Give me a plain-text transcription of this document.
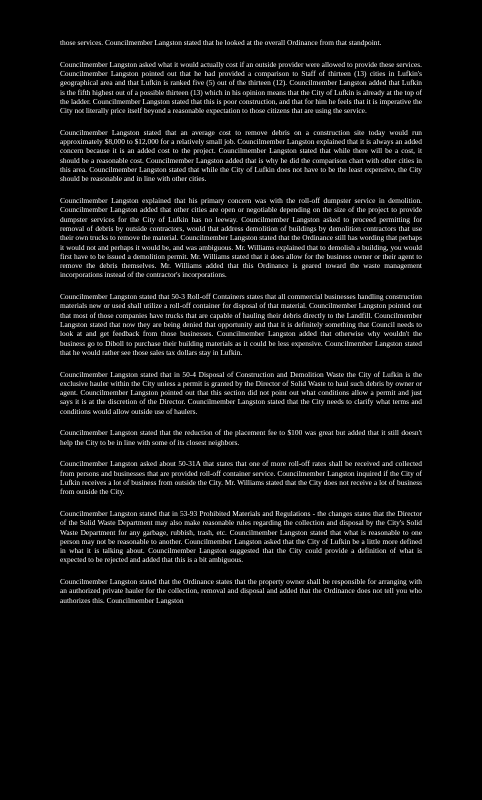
those services. Councilmember Langston stated that he looked at the overall Ordinance from that standpoint.

Councilmember Langston asked what it would actually cost if an outside provider were allowed to provide these services. Councilmember Langston pointed out that he had provided a comparison to Staff of thirteen (13) cities in Lufkin's geographical area and that Lufkin is ranked five (5) out of the thirteen (12). Councilmember Langston added that Lufkin is the fifth highest out of a possible thirteen (13) which in his opinion means that the City of Lufkin is already at the top of the ladder. Councilmember Langston stated that this is poor construction, and that for him he feels that it is imperative the City not literally price itself beyond a reasonable expectation to those citizens that are using the service.

Councilmember Langston stated that an average cost to remove debris on a construction site today would run approximately $8,000 to $12,000 for a relatively small job. Councilmember Langston explained that it is always an added concern because it is an added cost to the project. Councilmember Langston stated that while there will be a cost, it should be a reasonable cost. Councilmember Langston added that is why he did the comparison chart with other cities in this area. Councilmember Langston stated that while the City of Lufkin does not have to be the least expensive, the City should be reasonable and in line with other cities.

Councilmember Langston explained that his primary concern was with the roll-off dumpster service in demolition. Councilmember Langston added that other cities are open or negotiable depending on the size of the project to provide dumpster services for the City of Lufkin has no leeway. Councilmember Langston asked to proceed permitting for removal of debris by outside contractors, would that address demolition of buildings by demolition contractors that use their own trucks to remove the material. Councilmember Langston stated that the Ordinance still has wording that perhaps it would not and perhaps it would be, and was ambiguous. Mr. Williams explained that to demolish a building, you would first have to be issued a demolition permit. Mr. Williams stated that it does allow for the business owner or their agent to remove the debris themselves. Mr. Williams added that this Ordinance is geared toward the waste management incorporations instead of the contractor's incorporations.

Councilmember Langston stated that 50-3 Roll-off Containers states that all commercial businesses handling construction materials new or used shall utilize a roll-off container for disposal of that material. Councilmember Langston pointed out that most of those companies have trucks that are capable of hauling their debris directly to the Landfill. Councilmember Langston stated that now they are being denied that opportunity and that it is definitely something that Council needs to look at and get feedback from those businesses. Councilmember Langston added that otherwise why wouldn't the business go to Diboll to purchase their building materials as it could be less expensive. Councilmember Langston stated that he would rather see those sales tax dollars stay in Lufkin.

Councilmember Langston stated that in 50-4 Disposal of Construction and Demolition Waste the City of Lufkin is the exclusive hauler within the City unless a permit is granted by the Director of Solid Waste to haul such debris by owner or agent. Councilmember Langston pointed out that this section did not point out what conditions allow a permit and just says it is at the discretion of the Director. Councilmember Langston stated that the City needs to clarify what terms and conditions would allow outside use of haulers.

Councilmember Langston stated that the reduction of the placement fee to $100 was great but added that it still doesn't help the City to be in line with some of its closest neighbors.

Councilmember Langston asked about 50-31A that states that one of more roll-off rates shall be received and collected from persons and businesses that are provided roll-off container service. Councilmember Langston inquired if the City of Lufkin receives a lot of business from outside the City. Mr. Williams stated that the City does not receive a lot of business from outside the City.

Councilmember Langston stated that in 53-93 Prohibited Materials and Regulations - the changes states that the Director of the Solid Waste Department may also make reasonable rules regarding the collection and disposal by the City's Solid Waste Department for any garbage, rubbish, trash, etc. Councilmember Langston stated that what is reasonable to one person may not be reasonable to another. Councilmember Langston asked that the City of Lufkin be a little more defined in what it is talking about. Councilmember Langston suggested that the City could provide a definition of what is expected to be rejected and added that this is a bit ambiguous.

Councilmember Langston stated that the Ordinance states that the property owner shall be responsible for arranging with an authorized private hauler for the collection, removal and disposal and added that the Ordinance does not tell you who authorizes this. Councilmember Langston
